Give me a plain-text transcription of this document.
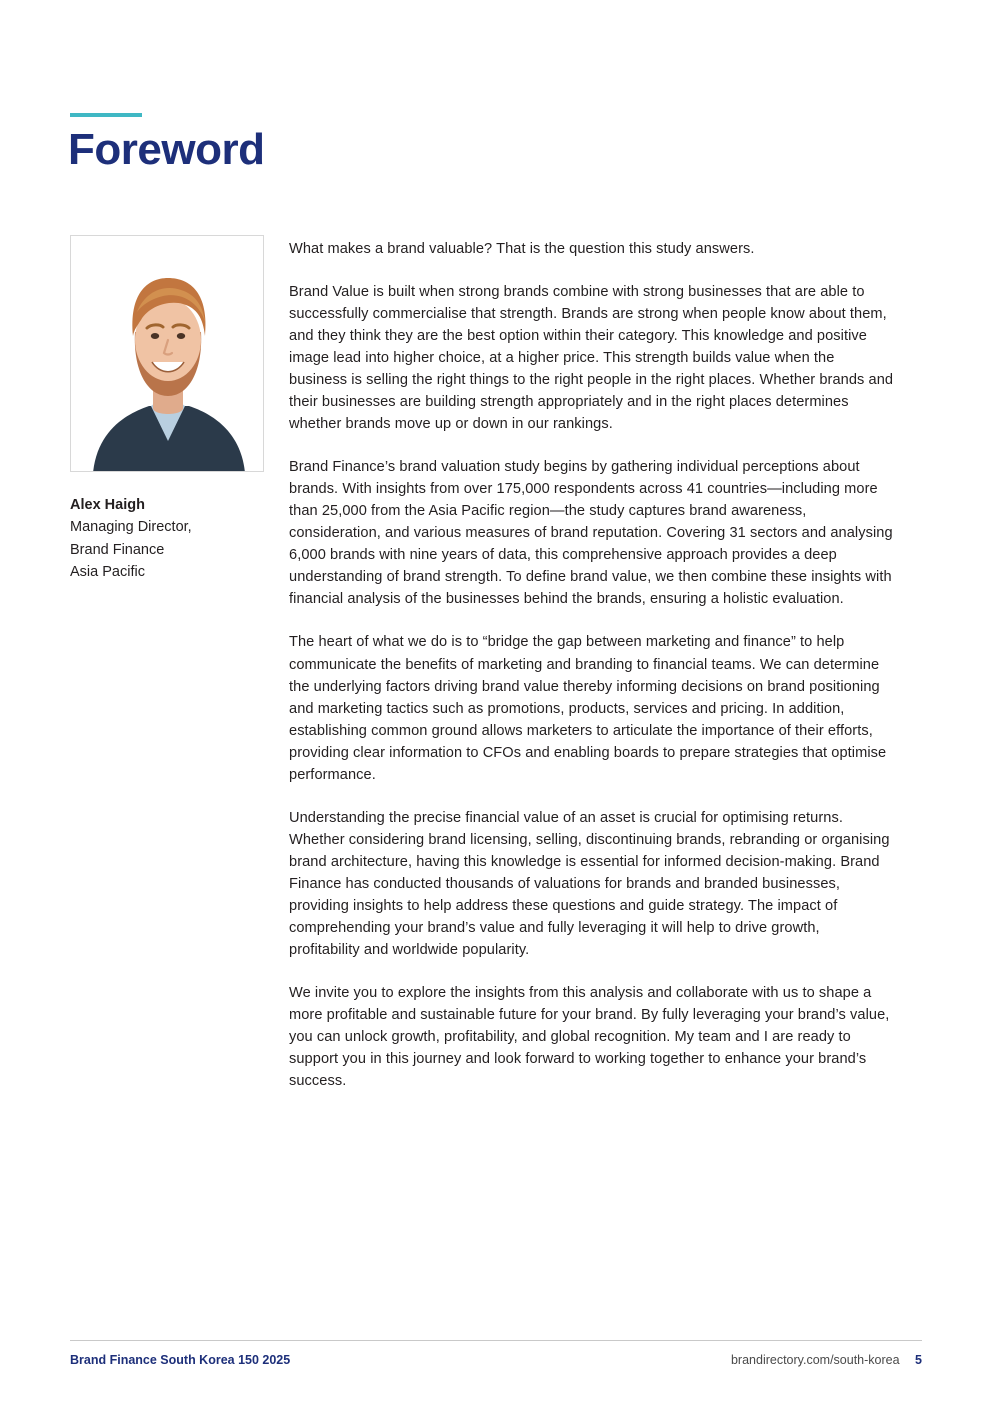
Foreword
Alex Haigh
Managing Director,
Brand Finance
Asia Pacific

What makes a brand valuable? That is the question this study answers.

Brand Value is built when strong brands combine with strong businesses that are able to successfully commercialise that strength. Brands are strong when people know about them, and they think they are the best option within their category. This knowledge and positive image lead into higher choice, at a higher price. This strength builds value when the business is selling the right things to the right people in the right places. Whether brands and their businesses are building strength appropriately and in the right places determines whether brands move up or down in our rankings.

Brand Finance’s brand valuation study begins by gathering individual perceptions about brands. With insights from over 175,000 respondents across 41 countries—including more than 25,000 from the Asia Pacific region—the study captures brand awareness, consideration, and various measures of brand reputation. Covering 31 sectors and analysing 6,000 brands with nine years of data, this comprehensive approach provides a deep understanding of brand strength. To define brand value, we then combine these insights with financial analysis of the businesses behind the brands, ensuring a holistic evaluation.

The heart of what we do is to “bridge the gap between marketing and finance” to help communicate the benefits of marketing and branding to financial teams. We can determine the underlying factors driving brand value thereby informing decisions on brand positioning and marketing tactics such as promotions, products, services and pricing. In addition, establishing common ground allows marketers to articulate the importance of their efforts, providing clear information to CFOs and enabling boards to prepare strategies that optimise performance.

Understanding the precise financial value of an asset is crucial for optimising returns. Whether considering brand licensing, selling, discontinuing brands, rebranding or organising brand architecture, having this knowledge is essential for informed decision-making. Brand Finance has conducted thousands of valuations for brands and branded businesses, providing insights to help address these questions and guide strategy. The impact of comprehending your brand’s value and fully leveraging it will help to drive growth, profitability and worldwide popularity.

We invite you to explore the insights from this analysis and collaborate with us to shape a more profitable and sustainable future for your brand. By fully leveraging your brand’s value, you can unlock growth, profitability, and global recognition. My team and I are ready to support you in this journey and look forward to working together to enhance your brand’s success.

Brand Finance South Korea 150 2025	brandirectory.com/south-korea 5
